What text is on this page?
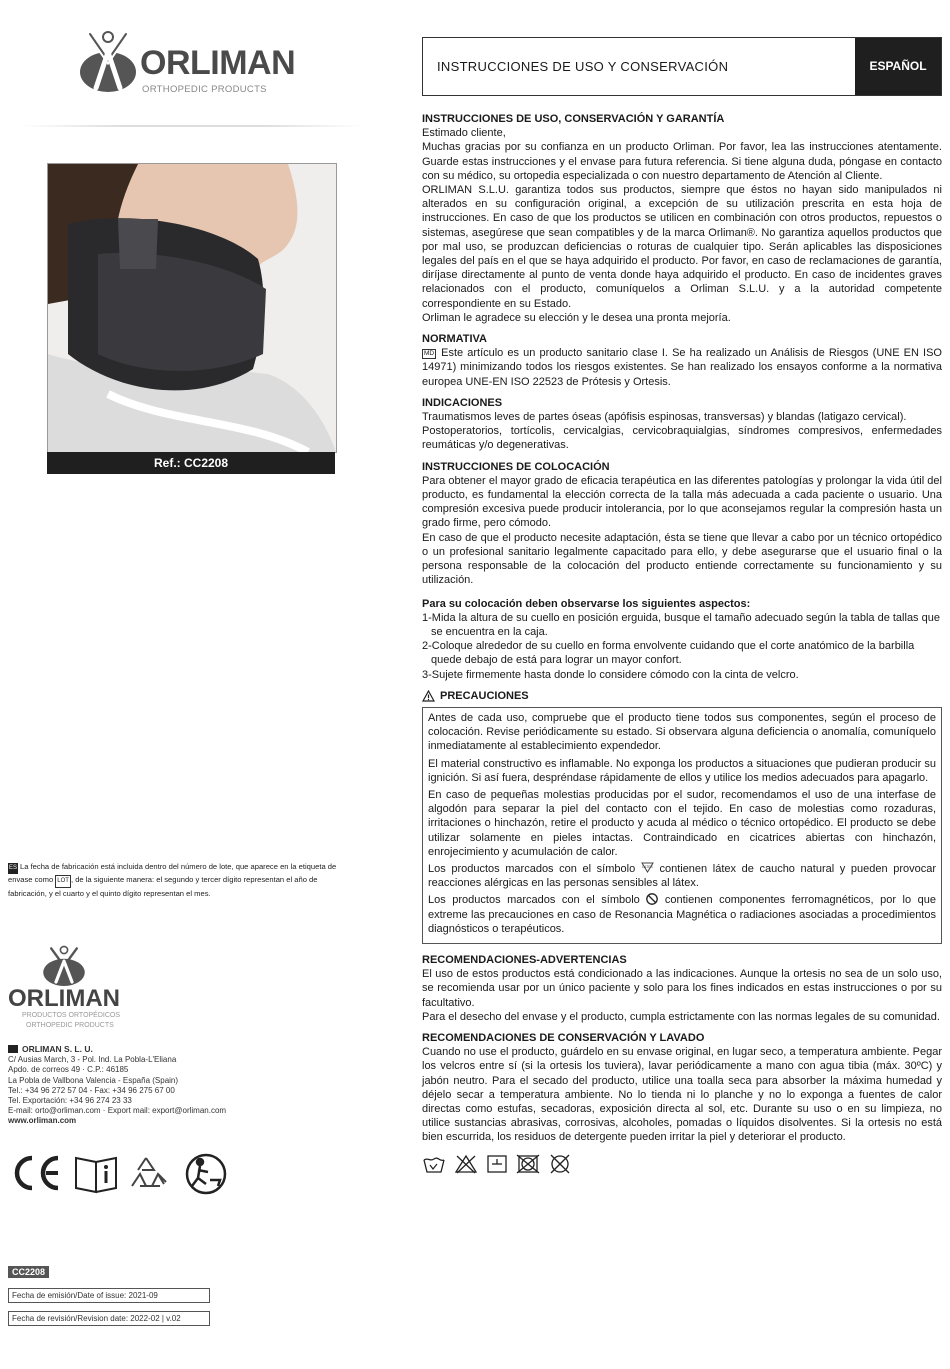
ORLIMAN
ORTHOPEDIC PRODUCTS
Ref.: CC2208
ES La fecha de fabricación está incluida dentro del número de lote, que aparece en la etiqueta de envase como LOT , de la siguiente manera: el segundo y tercer dígito representan el año de fabricación, y el cuarto y el quinto dígito representan el mes.
ORLIMAN
PRODUCTOS ORTOPÉDICOS
ORTHOPEDIC PRODUCTS
ORLIMAN S. L. U.
C/ Ausias March, 3 - Pol. Ind. La Pobla-L'Eliana
Apdo. de correos 49 · C.P.: 46185
La Pobla de Vallbona Valencia - España (Spain)
Tel.: +34 96 272 57 04 - Fax: +34 96 275 67 00
Tel. Exportación: +34 96 274 23 33
E-mail: orto@orliman.com · Export mail: export@orliman.com
www.orliman.com
CC2208
Fecha de emisión/Date of issue: 2021-09
Fecha de revisión/Revision date: 2022-02 | v.02
INSTRUCCIONES DE USO Y CONSERVACIÓN	ESPAÑOL
INSTRUCCIONES DE USO, CONSERVACIÓN Y GARANTÍA

Estimado cliente,

Muchas gracias por su confianza en un producto Orliman. Por favor, lea las instrucciones atentamente. Guarde estas instrucciones y el envase para futura referencia. Si tiene alguna duda, póngase en contacto con su médico, su ortopedia especializada o con nuestro departamento de Atención al Cliente.

ORLIMAN S.L.U. garantiza todos sus productos, siempre que éstos no hayan sido manipulados ni alterados en su configuración original, a excepción de su utilización prescrita en esta hoja de instrucciones. En caso de que los productos se utilicen en combinación con otros productos, repuestos o sistemas, asegúrese que sean compatibles y de la marca Orliman®. No garantiza aquellos productos que por mal uso, se produzcan deficiencias o roturas de cualquier tipo. Serán aplicables las disposiciones legales del país en el que se haya adquirido el producto. Por favor, en caso de reclamaciones de garantía, diríjase directamente al punto de venta donde haya adquirido el producto. En caso de incidentes graves relacionados con el producto, comuníquelos a Orliman S.L.U. y a la autoridad competente correspondiente en su Estado.

Orliman le agradece su elección y le desea una pronta mejoría.

NORMATIVA

MD Este artículo es un producto sanitario clase I. Se ha realizado un Análisis de Riesgos (UNE EN ISO 14971) minimizando todos los riesgos existentes. Se han realizado los ensayos conforme a la normativa europea UNE-EN ISO 22523 de Prótesis y Ortesis.

INDICACIONES

Traumatismos leves de partes óseas (apófisis espinosas, transversas) y blandas (latigazo cervical).

Postoperatorios, tortícolis, cervicalgias, cervicobraquialgias, síndromes compresivos, enfermedades reumáticas y/o degenerativas.

INSTRUCCIONES DE COLOCACIÓN

Para obtener el mayor grado de eficacia terapéutica en las diferentes patologías y prolongar la vida útil del producto, es fundamental la elección correcta de la talla más adecuada a cada paciente o usuario. Una compresión excesiva puede producir intolerancia, por lo que aconsejamos regular la compresión hasta un grado firme, pero cómodo.

En caso de que el producto necesite adaptación, ésta se tiene que llevar a cabo por un técnico ortopédico o un profesional sanitario legalmente capacitado para ello, y debe asegurarse que el usuario final o la persona responsable de la colocación del producto entiende correctamente su funcionamiento y su utilización.

Para su colocación deben observarse los siguientes aspectos:

1-Mida la altura de su cuello en posición erguida, busque el tamaño adecuado según la tabla de tallas que se encuentra en la caja.

2-Coloque alrededor de su cuello en forma envolvente cuidando que el corte anatómico de la barbilla quede debajo de está para lograr un mayor confort.

3-Sujete firmemente hasta donde lo considere cómodo con la cinta de velcro.

PRECAUCIONES

Antes de cada uso, compruebe que el producto tiene todos sus componentes, según el proceso de colocación. Revise periódicamente su estado. Si observara alguna deficiencia o anomalía, comuníquelo inmediatamente al establecimiento expendedor.

El material constructivo es inflamable. No exponga los productos a situaciones que pudieran producir su ignición. Si así fuera, despréndase rápidamente de ellos y utilice los medios adecuados para apagarlo.

En caso de pequeñas molestias producidas por el sudor, recomendamos el uso de una interfase de algodón para separar la piel del contacto con el tejido. En caso de molestias como rozaduras, irritaciones o hinchazón, retire el producto y acuda al médico o técnico ortopédico. El producto se debe utilizar solamente en pieles intactas. Contraindicado en cicatrices abiertas con hinchazón, enrojecimiento y acumulación de calor.

Los productos marcados con el símbolo LATEX contienen látex de caucho natural y pueden provocar reacciones alérgicas en las personas sensibles al látex.

Los productos marcados con el símbolo contienen componentes ferromagnéticos, por lo que extreme las precauciones en caso de Resonancia Magnética o radiaciones asociadas a procedimientos diagnósticos o terapéuticos.

RECOMENDACIONES-ADVERTENCIAS

El uso de estos productos está condicionado a las indicaciones. Aunque la ortesis no sea de un solo uso, se recomienda usar por un único paciente y solo para los fines indicados en estas instrucciones o por su facultativo.

Para el desecho del envase y el producto, cumpla estrictamente con las normas legales de su comunidad.

RECOMENDACIONES DE CONSERVACIÓN Y LAVADO

Cuando no use el producto, guárdelo en su envase original, en lugar seco, a temperatura ambiente. Pegar los velcros entre sí (si la ortesis los tuviera), lavar periódicamente a mano con agua tibia (máx. 30ºC) y jabón neutro. Para el secado del producto, utilice una toalla seca para absorber la máxima humedad y déjelo secar a temperatura ambiente. No lo tienda ni lo planche y no lo exponga a fuentes de calor directas como estufas, secadoras, exposición directa al sol, etc. Durante su uso o en su limpieza, no utilice sustancias abrasivas, corrosivas, alcoholes, pomadas o líquidos disolventes. Si la ortesis no está bien escurrida, los residuos de detergente pueden irritar la piel y deteriorar el producto.
